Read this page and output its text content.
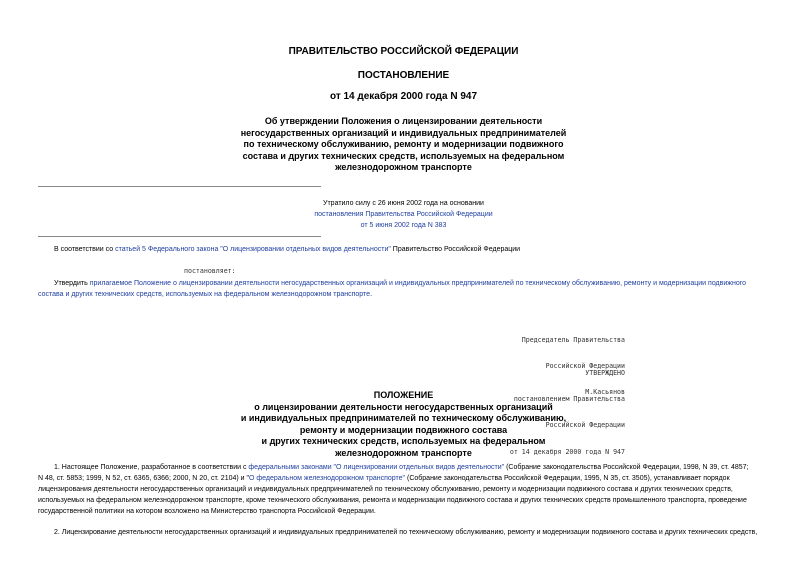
ПРАВИТЕЛЬСТВО РОССИЙСКОЙ ФЕДЕРАЦИИ
ПОСТАНОВЛЕНИЕ
от 14 декабря 2000 года N 947
Об утверждении Положения о лицензировании деятельности
негосударственных организаций и индивидуальных предпринимателей
по техническому обслуживанию, ремонту и модернизации подвижного
состава и других технических средств, используемых на федеральном
железнодорожном транспорте
Утратило силу с 26 июня 2002 года на основании
постановления Правительства Российской Федерации
от 5 июня 2002 года N 383
В соответствии со статьей 5 Федерального закона "О лицензировании отдельных видов деятельности" Правительство Российской Федерации
постановляет:
Утвердить прилагаемое Положение о лицензировании деятельности негосударственных организаций и индивидуальных предпринимателей по техническому обслуживанию, ремонту и модернизации подвижного
состава и других технических средств, используемых на федеральном железнодорожном транспорте.

Председатель Правительства

Российской Федерации

М.Касьянов

УТВЕРЖДЕНО

постановлением Правительства

Российской Федерации

от 14 декабря 2000 года N 947

ПОЛОЖЕНИЕ
о лицензировании деятельности негосударственных организаций
и индивидуальных предпринимателей по техническому обслуживанию,
ремонту и модернизации подвижного состава
и других технических средств, используемых на федеральном
железнодорожном транспорте
1. Настоящее Положение, разработанное в соответствии с федеральными законами "О лицензировании отдельных видов деятельности" (Собрание законодательства Российской Федерации, 1998, N 39, ст. 4857;
N 48, ст. 5853; 1999, N 52, ст. 6365, 6366; 2000, N 20, ст. 2104) и "О федеральном железнодорожном транспорте" (Собрание законодательства Российской Федерации, 1995, N 35, ст. 3505), устанавливает порядок
лицензирования деятельности негосударственных организаций и индивидуальных предпринимателей по техническому обслуживанию, ремонту и модернизации подвижного состава и других технических средств,
используемых на федеральном железнодорожном транспорте, кроме технического обслуживания, ремонта и модернизации подвижного состава и других технических средств промышленного транспорта, проведение
государственной политики на котором возложено на Министерство транспорта Российской Федерации.
2. Лицензирование деятельности негосударственных организаций и индивидуальных предпринимателей по техническому обслуживанию, ремонту и модернизации подвижного состава и других технических средств,
